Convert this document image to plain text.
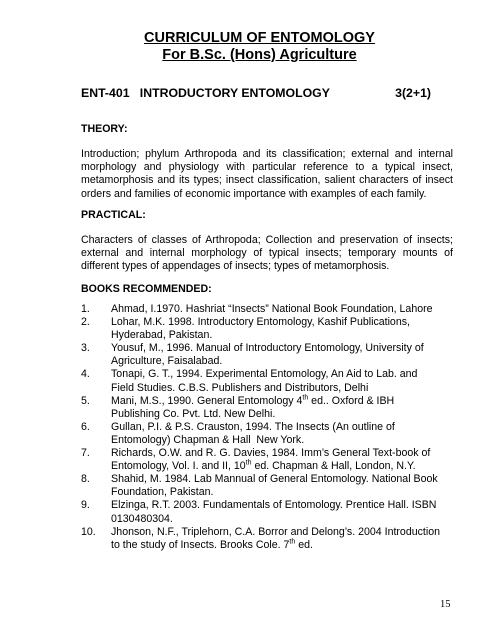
CURRICULUM OF ENTOMOLOGY
For B.Sc. (Hons) Agriculture
ENT-401   INTRODUCTORY ENTOMOLOGY	3(2+1)
THEORY:
Introduction; phylum Arthropoda and its classification; external and internal morphology and physiology with particular reference to a typical insect, metamorphosis and its types; insect classification, salient characters of insect orders and families of economic importance with examples of each family.
PRACTICAL:
Characters of classes of Arthropoda; Collection and preservation of insects; external and internal morphology of typical insects; temporary mounts of different types of appendages of insects; types of metamorphosis.
BOOKS RECOMMENDED:
1.	Ahmad, I.1970. Hashriat “Insects” National Book Foundation, Lahore
2.	Lohar, M.K. 1998. Introductory Entomology, Kashif Publications,
Hyderabad, Pakistan.
3.	Yousuf, M., 1996. Manual of Introductory Entomology, University of
Agriculture, Faisalabad.
4.	Tonapi, G. T., 1994. Experimental Entomology, An Aid to Lab. and
Field Studies. C.B.S. Publishers and Distributors, Delhi
5.	Mani, M.S., 1990. General Entomology 4th ed.. Oxford & IBH
Publishing Co. Pvt. Ltd. New Delhi.
6.	Gullan, P.I. & P.S. Crauston, 1994. The Insects (An outline of
Entomology) Chapman & Hall  New York.
7.	Richards, O.W. and R. G. Davies, 1984. Imm’s General Text-book of
Entomology, Vol. I. and II, 10th ed. Chapman & Hall, London, N.Y.
8.	Shahid, M. 1984. Lab Mannual of General Entomology. National Book
Foundation, Pakistan.
9.	Elzinga, R.T. 2003. Fundamentals of Entomology. Prentice Hall. ISBN
0130480304.
10.	Jhonson, N.F., Triplehorn, C.A. Borror and Delong’s. 2004 Introduction
to the study of Insects. Brooks Cole. 7th ed.
15
